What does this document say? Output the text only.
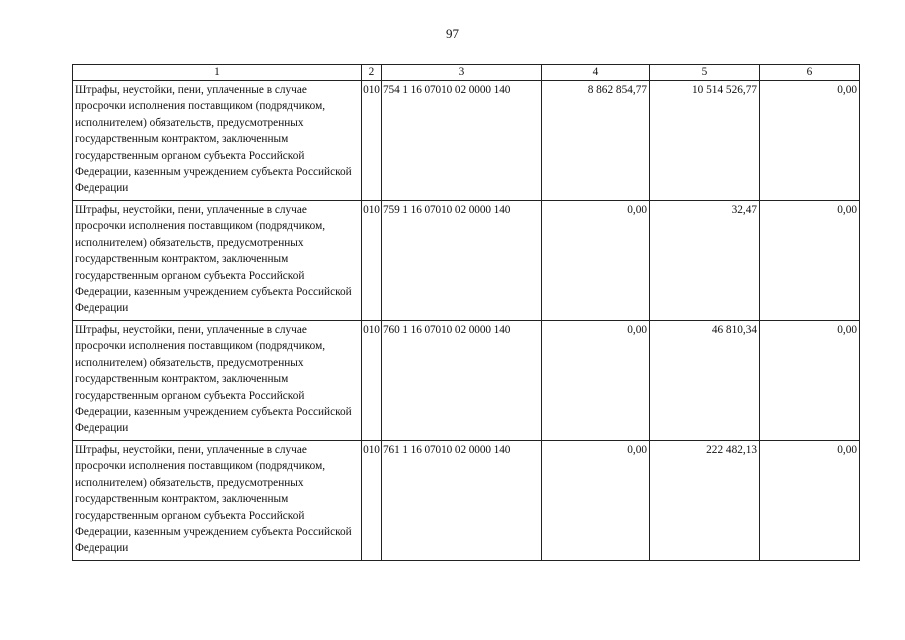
97
1	2	3	4	5	6
Штрафы, неустойки, пени, уплаченные в случае просрочки исполнения поставщиком (подрядчиком, исполнителем) обязательств, предусмотренных государственным контрактом, заключенным государственным органом субъекта Российской Федерации, казенным учреждением субъекта Российской Федерации	010	754 1 16 07010 02 0000 140	8 862 854,77	10 514 526,77	0,00
Штрафы, неустойки, пени, уплаченные в случае просрочки исполнения поставщиком (подрядчиком, исполнителем) обязательств, предусмотренных государственным контрактом, заключенным государственным органом субъекта Российской Федерации, казенным учреждением субъекта Российской Федерации	010	759 1 16 07010 02 0000 140	0,00	32,47	0,00
Штрафы, неустойки, пени, уплаченные в случае просрочки исполнения поставщиком (подрядчиком, исполнителем) обязательств, предусмотренных государственным контрактом, заключенным государственным органом субъекта Российской Федерации, казенным учреждением субъекта Российской Федерации	010	760 1 16 07010 02 0000 140	0,00	46 810,34	0,00
Штрафы, неустойки, пени, уплаченные в случае просрочки исполнения поставщиком (подрядчиком, исполнителем) обязательств, предусмотренных государственным контрактом, заключенным государственным органом субъекта Российской Федерации, казенным учреждением субъекта Российской Федерации	010	761 1 16 07010 02 0000 140	0,00	222 482,13	0,00
